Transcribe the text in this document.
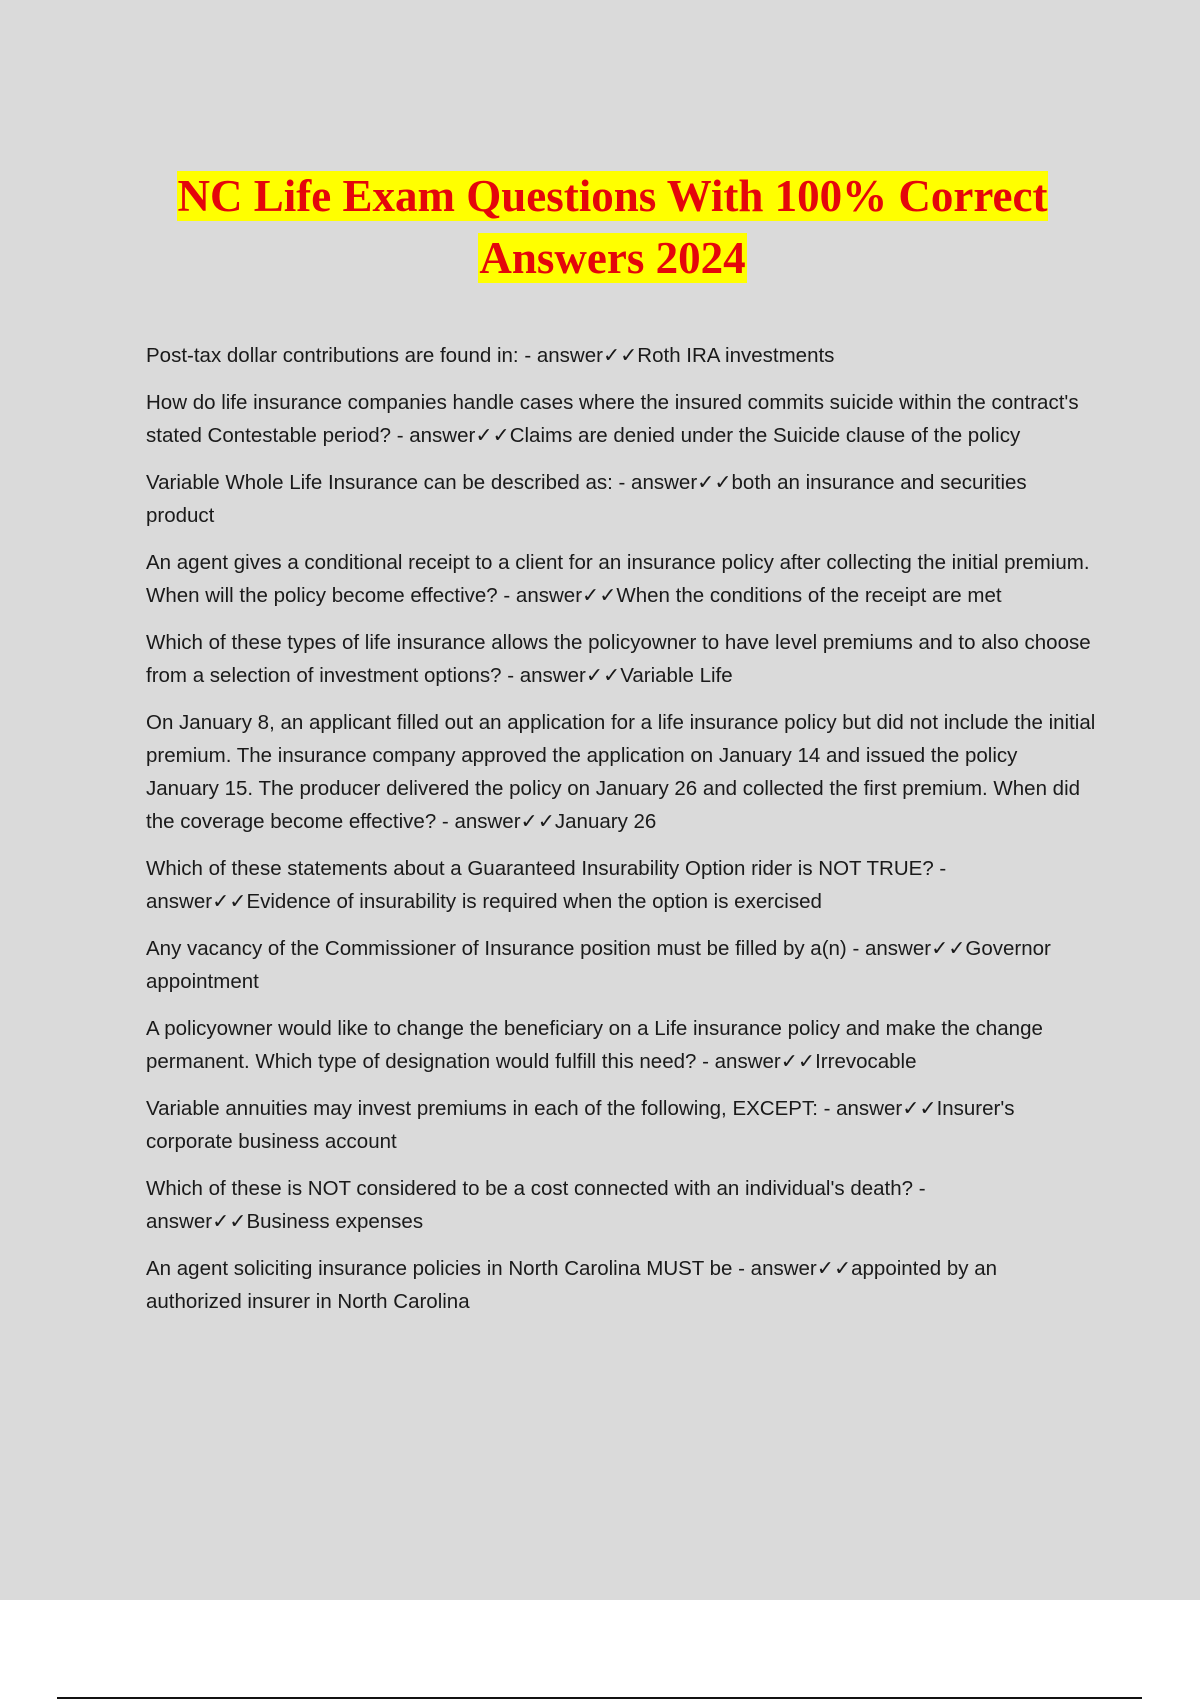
NC Life Exam Questions With 100% Correct Answers 2024

Post-tax dollar contributions are found in: - answer✓✓Roth IRA investments

How do life insurance companies handle cases where the insured commits suicide within the contract's stated Contestable period? - answer✓✓Claims are denied under the Suicide clause of the policy

Variable Whole Life Insurance can be described as: - answer✓✓both an insurance and securities product

An agent gives a conditional receipt to a client for an insurance policy after collecting the initial premium. When will the policy become effective? - answer✓✓When the conditions of the receipt are met

Which of these types of life insurance allows the policyowner to have level premiums and to also choose from a selection of investment options? - answer✓✓Variable Life

On January 8, an applicant filled out an application for a life insurance policy but did not include the initial premium. The insurance company approved the application on January 14 and issued the policy January 15. The producer delivered the policy on January 26 and collected the first premium. When did the coverage become effective? - answer✓✓January 26

Which of these statements about a Guaranteed Insurability Option rider is NOT TRUE? - answer✓✓Evidence of insurability is required when the option is exercised

Any vacancy of the Commissioner of Insurance position must be filled by a(n) - answer✓✓Governor appointment

A policyowner would like to change the beneficiary on a Life insurance policy and make the change permanent. Which type of designation would fulfill this need? - answer✓✓Irrevocable

Variable annuities may invest premiums in each of the following, EXCEPT: - answer✓✓Insurer's corporate business account

Which of these is NOT considered to be a cost connected with an individual's death? - answer✓✓Business expenses

An agent soliciting insurance policies in North Carolina MUST be - answer✓✓appointed by an authorized insurer in North Carolina
